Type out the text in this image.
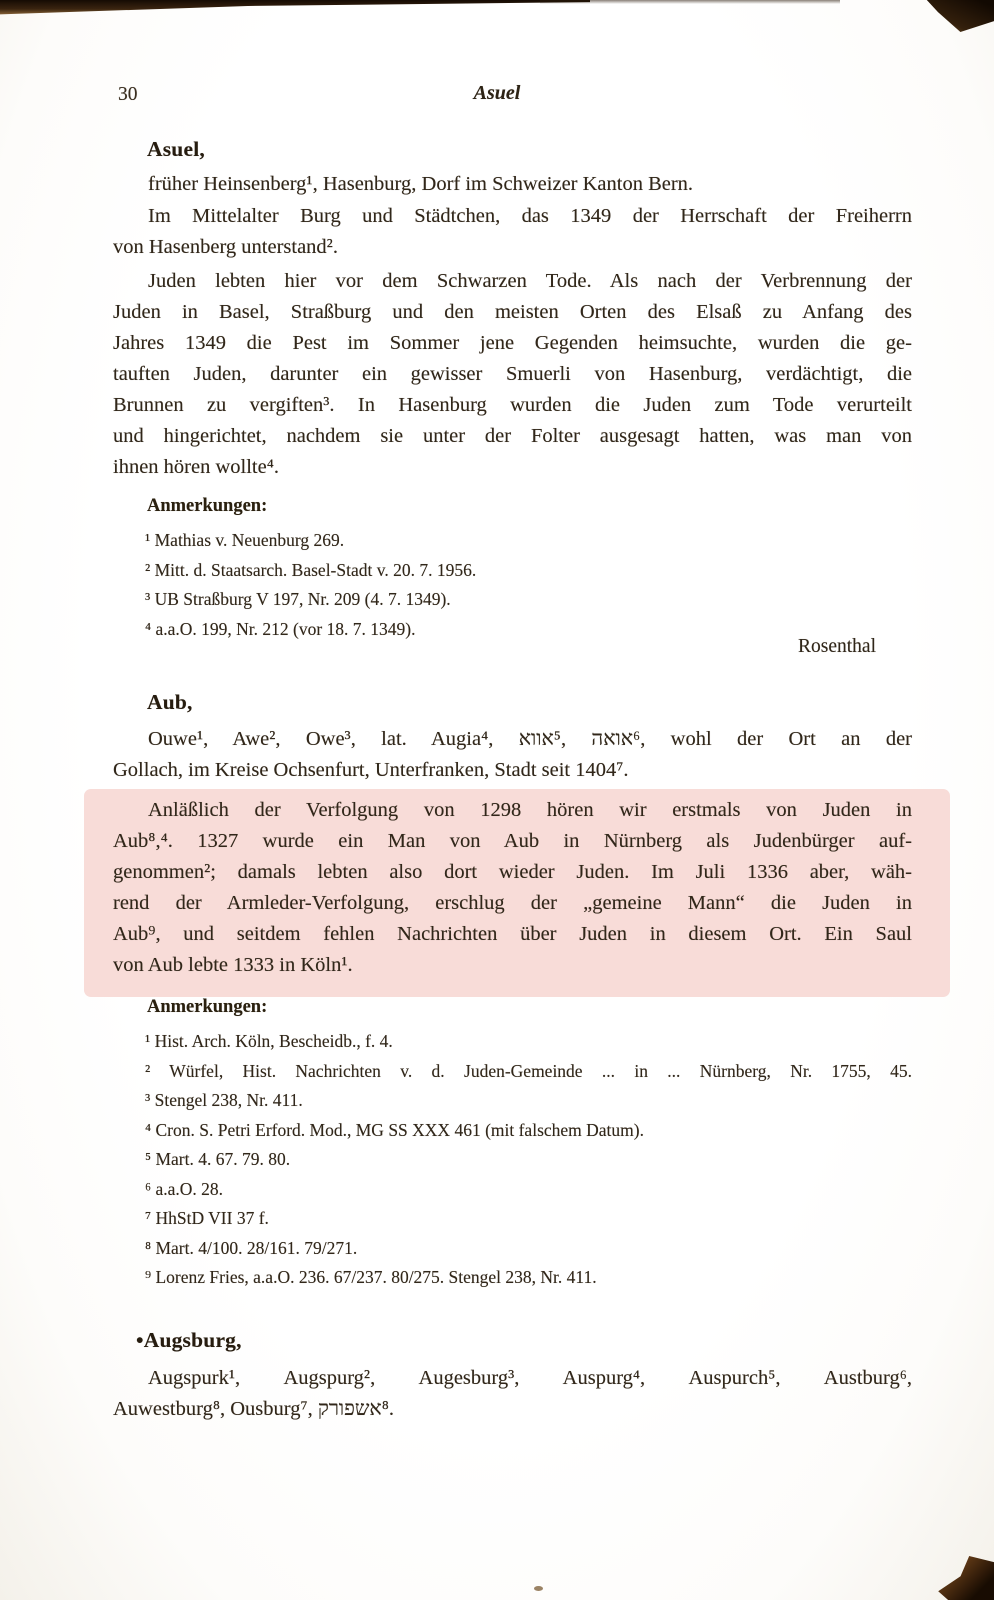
30	Asuel
Asuel,
früher Heinsenberg¹, Hasenburg, Dorf im Schweizer Kanton Bern.
Im Mittelalter Burg und Städtchen, das 1349 der Herrschaft der Freiherrn
von Hasenberg unterstand².
Juden lebten hier vor dem Schwarzen Tode. Als nach der Verbrennung der
Juden in Basel, Straßburg und den meisten Orten des Elsaß zu Anfang des
Jahres 1349 die Pest im Sommer jene Gegenden heimsuchte, wurden die ge-
tauften Juden, darunter ein gewisser Smuerli von Hasenburg, verdächtigt, die
Brunnen zu vergiften³. In Hasenburg wurden die Juden zum Tode verurteilt
und hingerichtet, nachdem sie unter der Folter ausgesagt hatten, was man von
ihnen hören wollte⁴.
Anmerkungen:
¹ Mathias v. Neuenburg 269.
² Mitt. d. Staatsarch. Basel-Stadt v. 20. 7. 1956.
³ UB Straßburg V 197, Nr. 209 (4. 7. 1349).
⁴ a.a.O. 199, Nr. 212 (vor 18. 7. 1349).
Rosenthal
Aub,
Ouwe¹, Awe², Owe³, lat. Augia⁴, אווא‎⁵, אואה‎⁶, wohl der Ort an der
Gollach, im Kreise Ochsenfurt, Unterfranken, Stadt seit 1404⁷.
Anläßlich der Verfolgung von 1298 hören wir erstmals von Juden in
Aub⁸,⁴. 1327 wurde ein Man von Aub in Nürnberg als Judenbürger auf-
genommen²; damals lebten also dort wieder Juden. Im Juli 1336 aber, wäh-
rend der Armleder-Verfolgung, erschlug der „gemeine Mann“ die Juden in
Aub⁹, und seitdem fehlen Nachrichten über Juden in diesem Ort. Ein Saul
von Aub lebte 1333 in Köln¹.
Anmerkungen:
¹ Hist. Arch. Köln, Bescheidb., f. 4.
² Würfel, Hist. Nachrichten v. d. Juden-Gemeinde ... in ... Nürnberg, Nr. 1755, 45.
³ Stengel 238, Nr. 411.
⁴ Cron. S. Petri Erford. Mod., MG SS XXX 461 (mit falschem Datum).
⁵ Mart. 4. 67. 79. 80.
⁶ a.a.O. 28.
⁷ HhStD VII 37 f.
⁸ Mart. 4/100. 28/161. 79/271.
⁹ Lorenz Fries, a.a.O. 236. 67/237. 80/275. Stengel 238, Nr. 411.
•Augsburg,
Augspurk¹, Augspurg², Augesburg³, Auspurg⁴, Auspurch⁵, Austburg⁶,
Auwestburg⁸, Ousburg⁷, אשפורק‎⁸.
